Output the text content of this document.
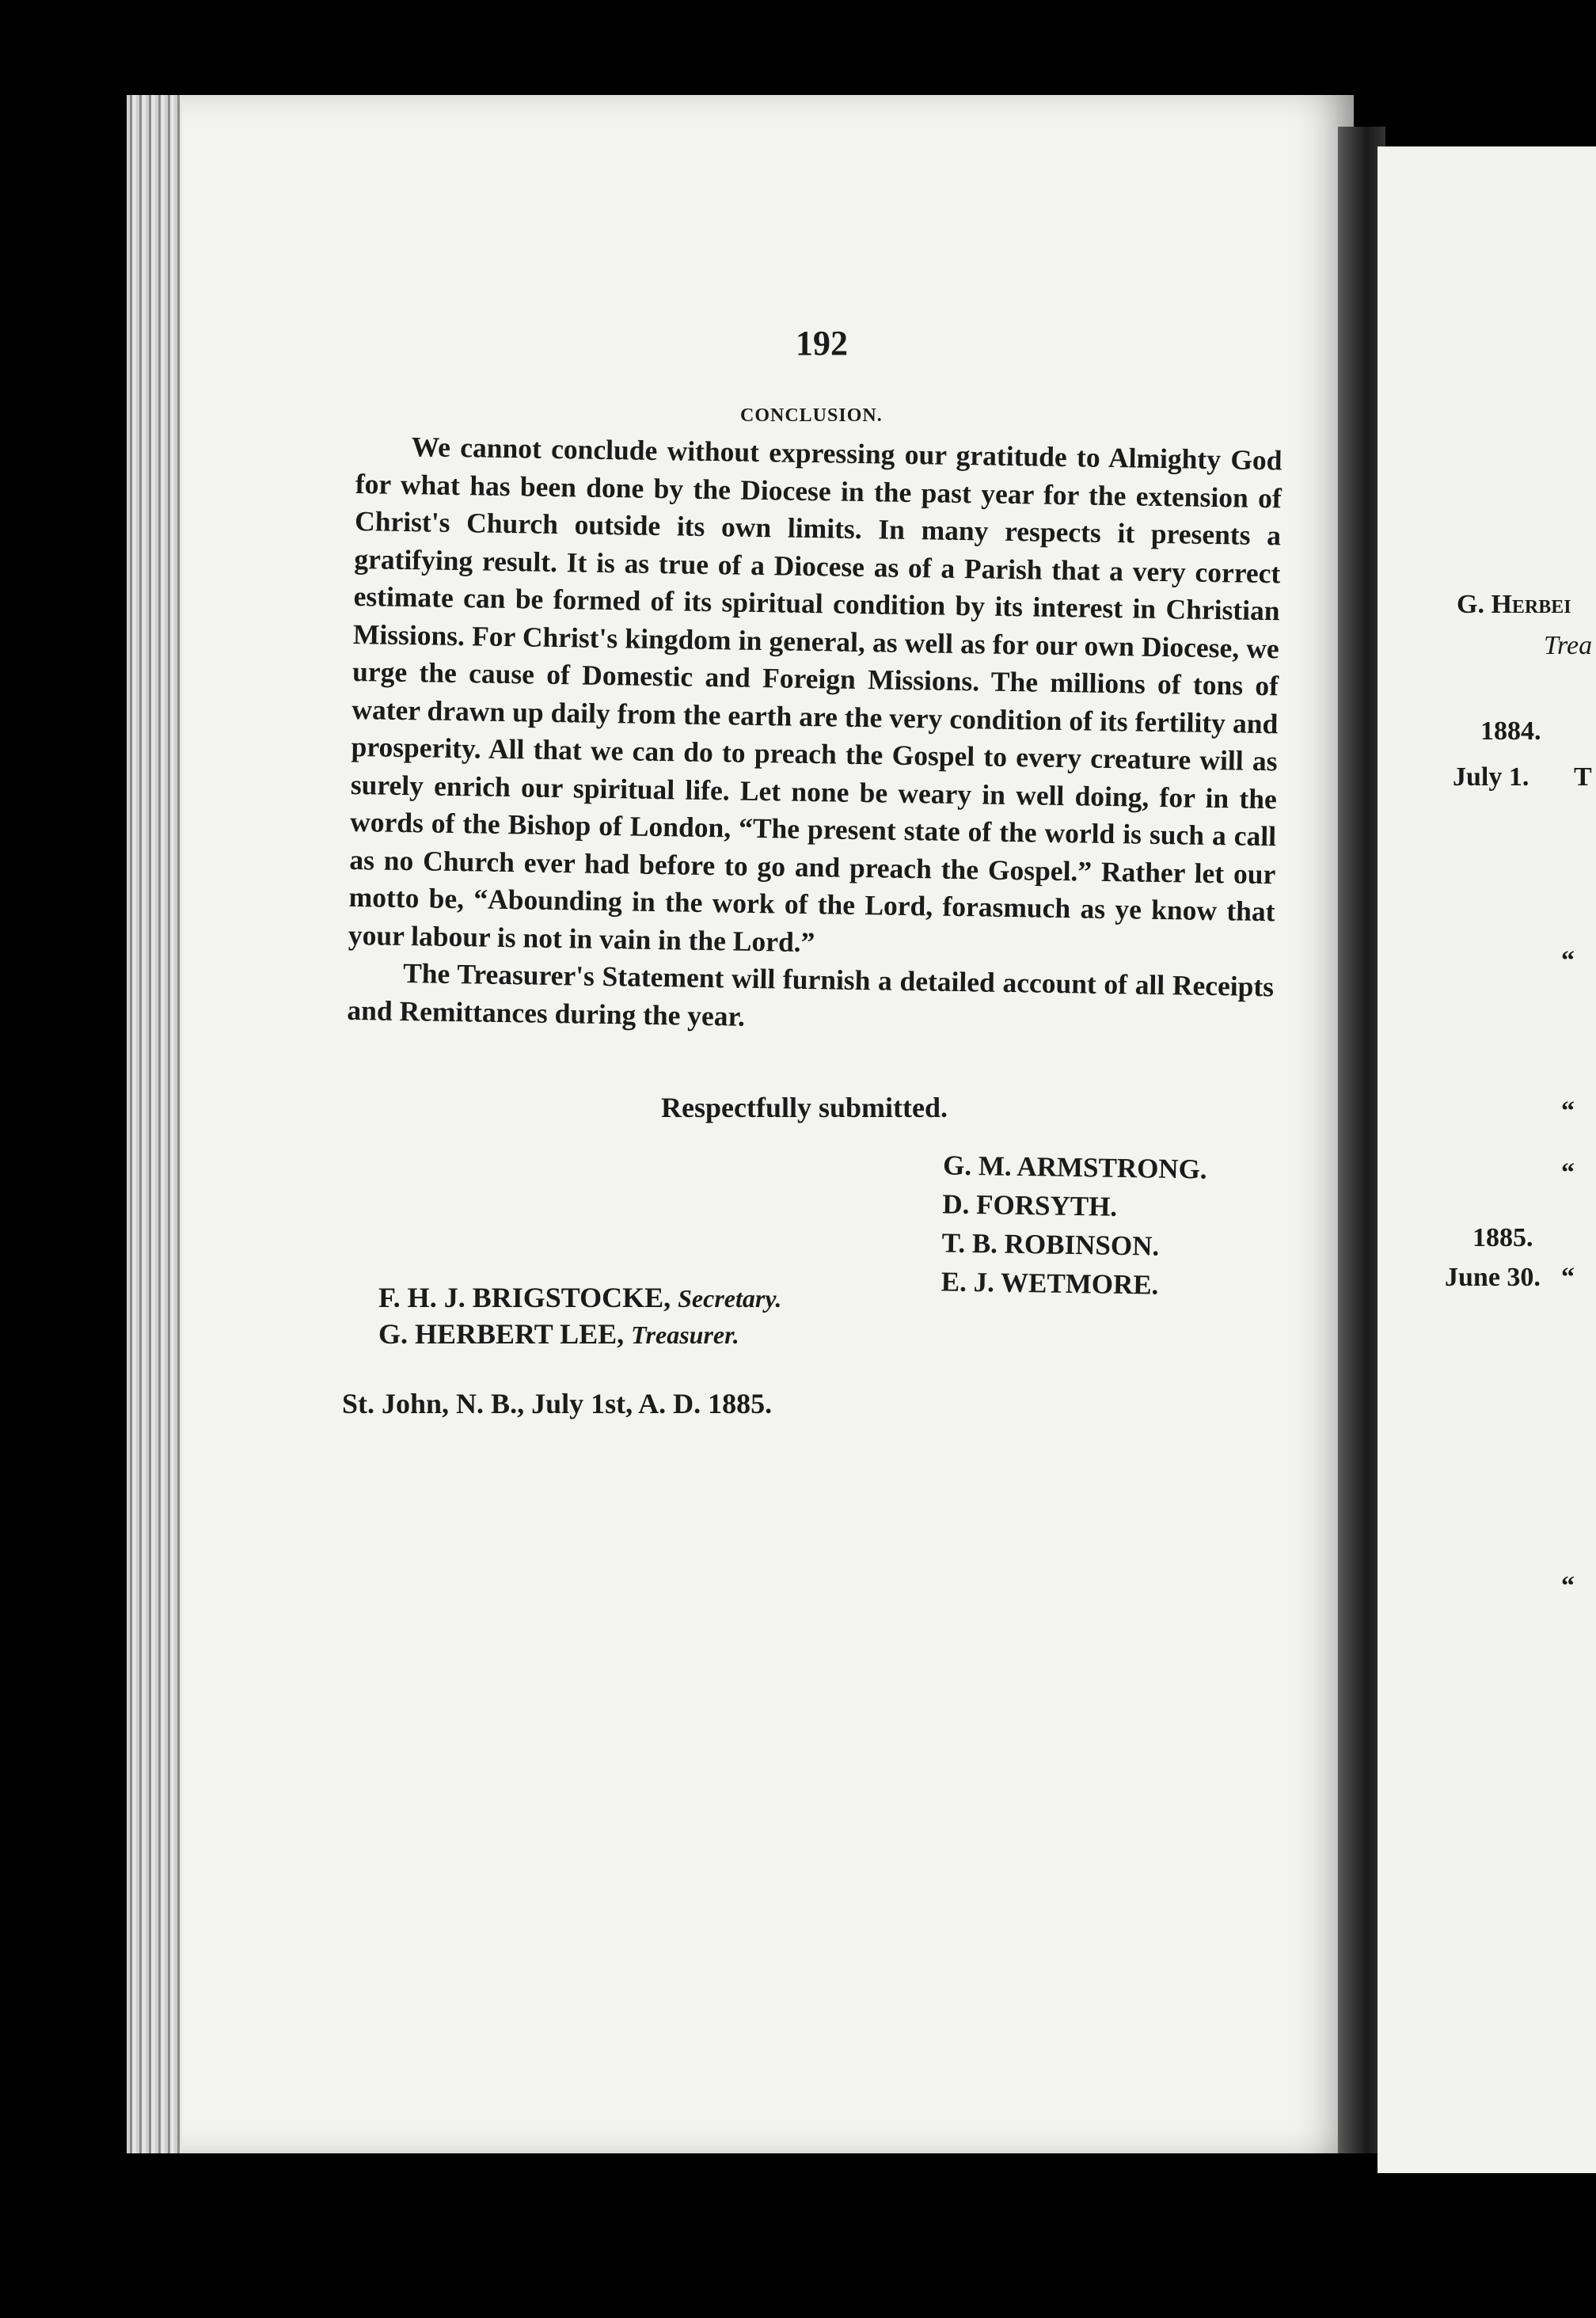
192
CONCLUSION.

We cannot conclude without expressing our gratitude to Almighty God for what has been done by the Diocese in the past year for the extension of Christ's Church outside its own limits. In many respects it presents a gratifying result. It is as true of a Diocese as of a Parish that a very correct estimate can be formed of its spiritual condition by its interest in Christian Missions. For Christ's kingdom in general, as well as for our own Diocese, we urge the cause of Domestic and Foreign Missions. The millions of tons of water drawn up daily from the earth are the very condition of its fertility and prosperity. All that we can do to preach the Gospel to every creature will as surely enrich our spiritual life. Let none be weary in well doing, for in the words of the Bishop of London, “The present state of the world is such a call as no Church ever had before to go and preach the Gospel.” Rather let our motto be, “Abounding in the work of the Lord, forasmuch as ye know that your labour is not in vain in the Lord.”

The Treasurer's Statement will furnish a detailed account of all Receipts and Remittances during the year.

Respectfully submitted.
G. M. ARMSTRONG.
D. FORSYTH.
T. B. ROBINSON.
E. J. WETMORE.
F. H. J. BRIGSTOCKE, Secretary.
G. HERBERT LEE, Treasurer.
St. John, N. B., July 1st, A. D. 1885.
G. Herbei
Trea
1884.
July 1. T
“
“
“
1885.
June 30. “
“
